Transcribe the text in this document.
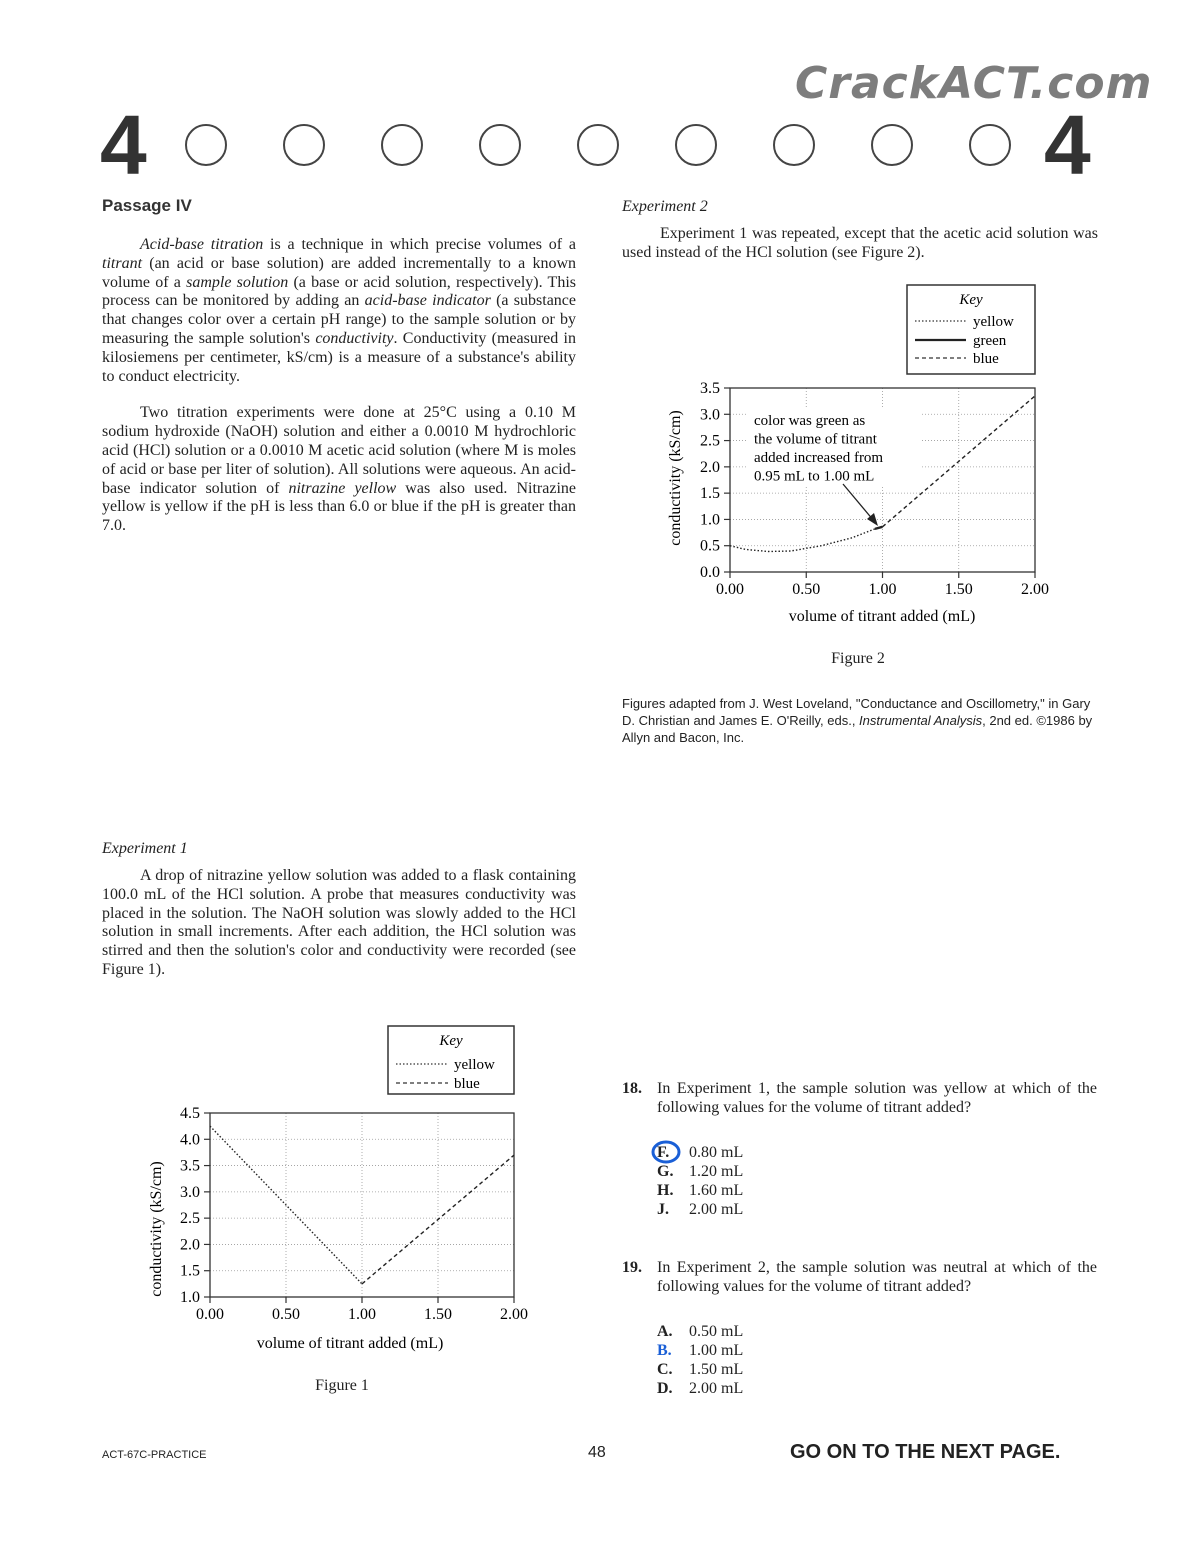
CrackACT.com
4	4
Passage IV

Acid-base titration is a technique in which precise volumes of a titrant (an acid or base solution) are added incrementally to a known volume of a sample solution (a base or acid solution, respectively). This process can be monitored by adding an acid-base indicator (a substance that changes color over a certain pH range) to the sample solution or by measuring the sample solution's conductivity. Conductivity (measured in kilosiemens per centimeter, kS/cm) is a measure of a substance's ability to conduct electricity.

Two titration experiments were done at 25°C using a 0.10 M sodium hydroxide (NaOH) solution and either a 0.0010 M hydrochloric acid (HCl) solution or a 0.0010 M acetic acid solution (where M is moles of acid or base per liter of solution). All solutions were aqueous. An acid-base indicator solution of nitrazine yellow was also used. Nitrazine yellow is yellow if the pH is less than 6.0 or blue if the pH is greater than 7.0.

Experiment 1

A drop of nitrazine yellow solution was added to a flask containing 100.0 mL of the HCl solution. A probe that measures conductivity was placed in the solution. The NaOH solution was slowly added to the HCl solution in small increments. After each addition, the HCl solution was stirred and then the solution's color and conductivity were recorded (see Figure 1).

Key
yellow
blue
0.00	0.50	1.00	1.50	2.00
1.0
1.5
2.0
2.5
3.0
3.5
4.0
4.5
volume of titrant added (mL)
conductivity (kS/cm)
Figure 1
Experiment 2

Experiment 1 was repeated, except that the acetic acid solution was used instead of the HCl solution (see Figure 2).

Key
yellow
green
blue
0.00	0.50	1.00	1.50	2.00
0.0
0.5
1.0
1.5
2.0
2.5
3.0
3.5
color was green as the volume of titrant added increased from 0.95 mL to 1.00 mL
volume of titrant added (mL)
conductivity (kS/cm)
Figure 2
Figures adapted from J. West Loveland, "Conductance and Oscillometry," in Gary D. Christian and James E. O'Reilly, eds., Instrumental Analysis, 2nd ed. ©1986 by Allyn and Bacon, Inc.
18. In Experiment 1, the sample solution was yellow at which of the following values for the volume of titrant added?
F. 0.80 mL
G. 1.20 mL
H. 1.60 mL
J. 2.00 mL
19. In Experiment 2, the sample solution was neutral at which of the following values for the volume of titrant added?
A. 0.50 mL
B. 1.00 mL
C. 1.50 mL
D. 2.00 mL
ACT-67C-PRACTICE	48	GO ON TO THE NEXT PAGE.
